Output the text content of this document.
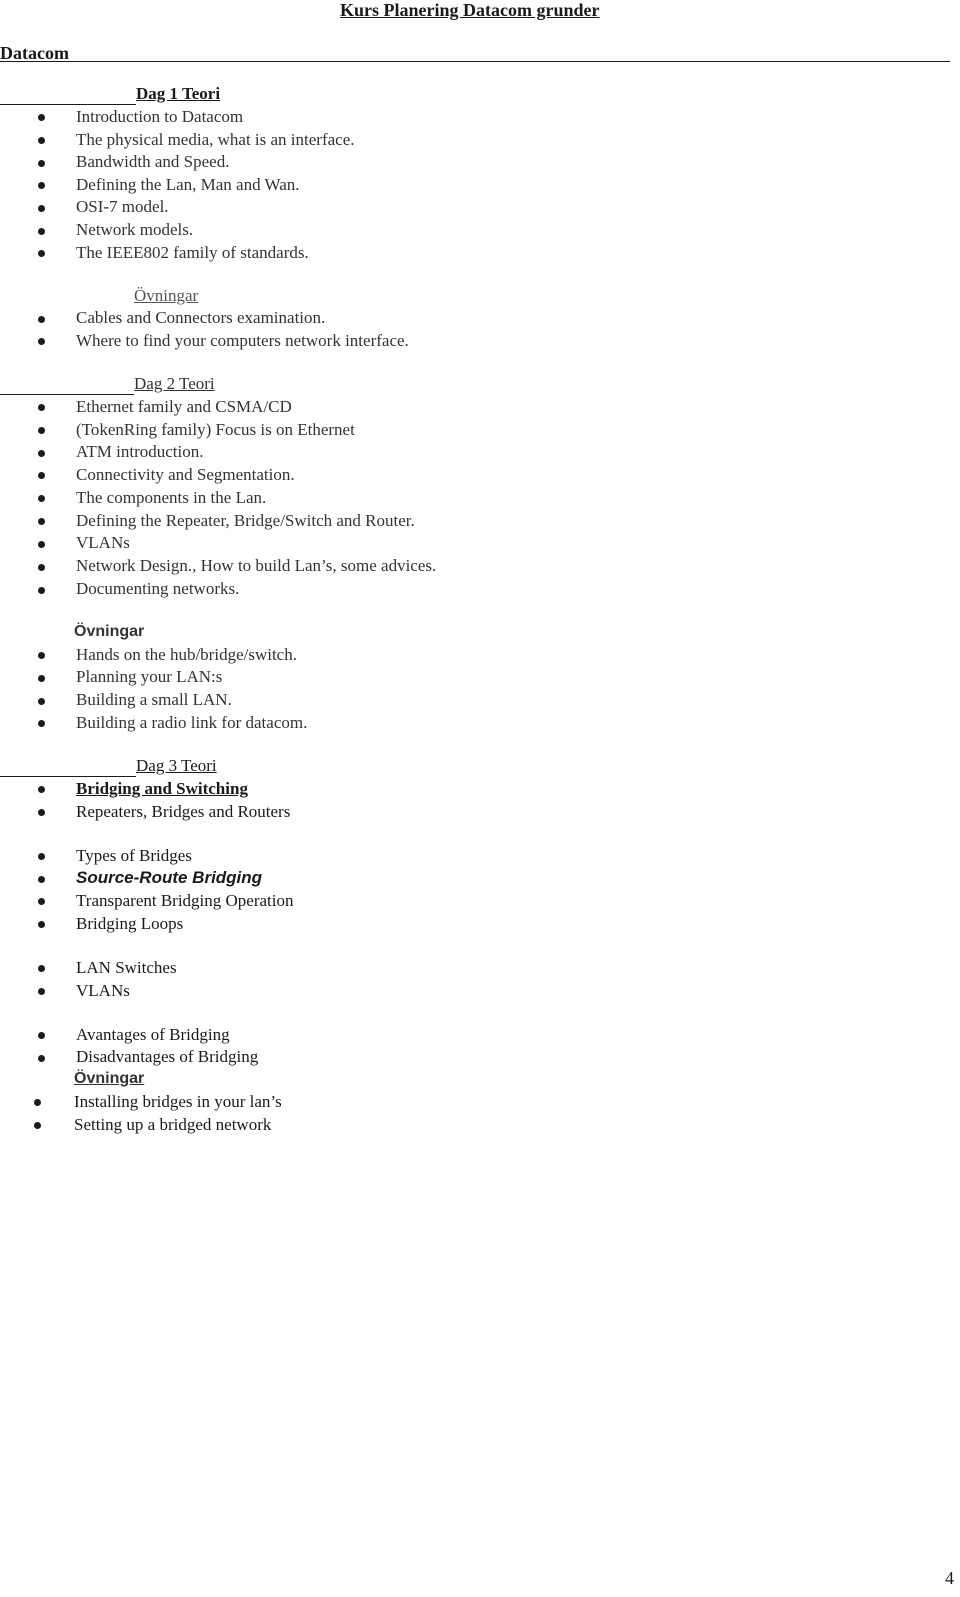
Kurs Planering Datacom grunder
Datacom
Dag 1 Teori
Introduction to Datacom
The physical media, what is an interface.
Bandwidth and Speed.
Defining the Lan, Man and Wan.
OSI-7 model.
Network models.
The IEEE802 family of standards.
Övningar
Cables and Connectors examination.
Where to find your computers network interface.
Dag 2 Teori
Ethernet family and CSMA/CD
(TokenRing family) Focus is on Ethernet
ATM introduction.
Connectivity and Segmentation.
The components in the Lan.
Defining the Repeater, Bridge/Switch and Router.
VLANs
Network Design., How to build Lan’s, some advices.
Documenting networks.
Övningar
Hands on the hub/bridge/switch.
Planning your LAN:s
Building a small LAN.
Building a radio link for datacom.
Dag 3 Teori
Bridging and Switching
Repeaters, Bridges and Routers
Types of Bridges
Source-Route Bridging
Transparent Bridging Operation
Bridging Loops
LAN Switches
VLANs
Avantages of Bridging
Disadvantages of Bridging
Övningar
Installing bridges in your lan’s
Setting up a bridged network
4
